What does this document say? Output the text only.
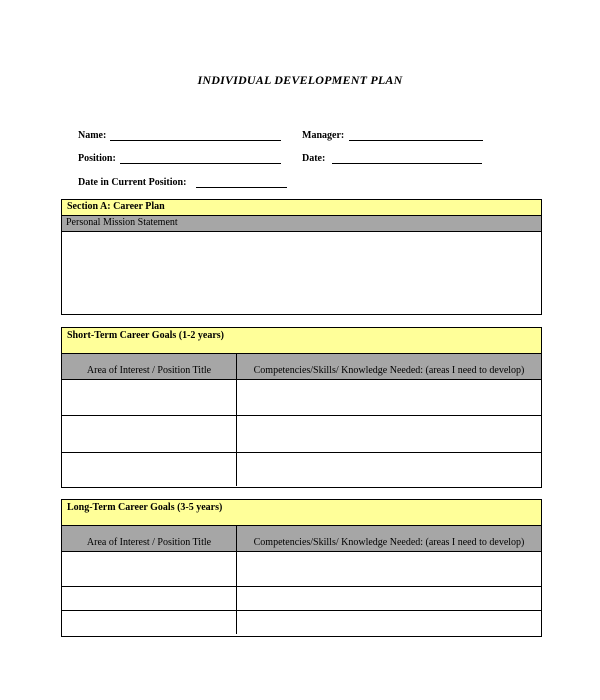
INDIVIDUAL DEVELOPMENT PLAN
Name:	Manager:
Position:	Date:
Date in Current Position:
Section A: Career Plan
Personal Mission Statement
Short-Term Career Goals (1-2 years)
Area of Interest / Position Title	Competencies/Skills/ Knowledge Needed: (areas I need to develop)
Long-Term Career Goals (3-5 years)
Area of Interest / Position Title	Competencies/Skills/ Knowledge Needed: (areas I need to develop)
